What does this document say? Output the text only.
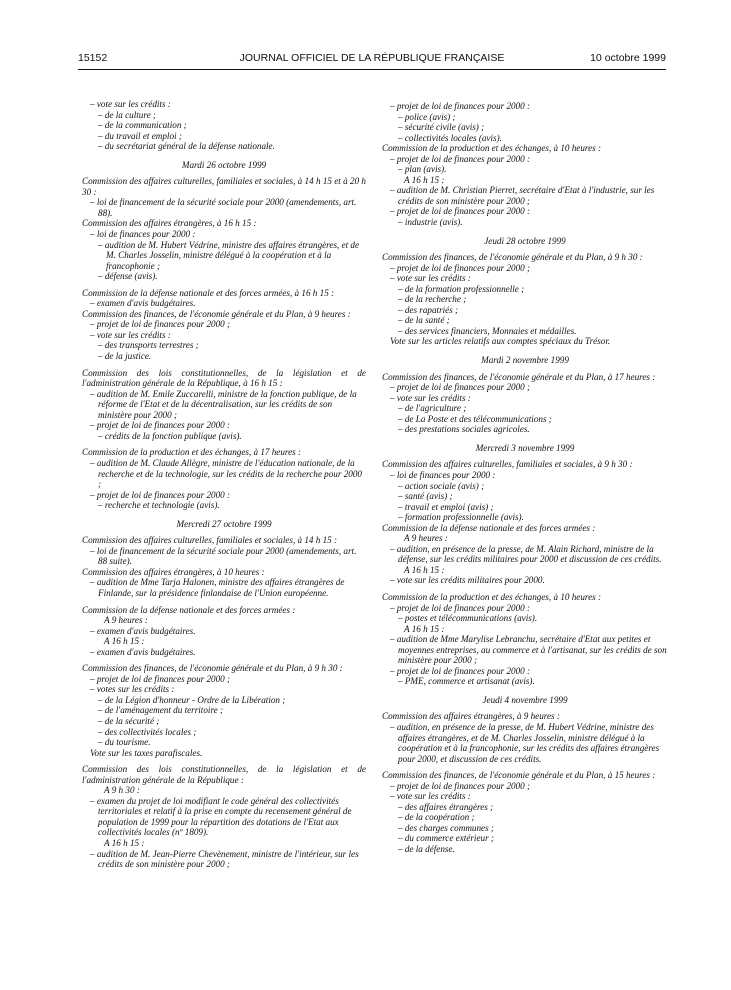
15152	JOURNAL OFFICIEL DE LA RÉPUBLIQUE FRANÇAISE	10 octobre 1999
– vote sur les crédits :
– de la culture ;
– de la communication ;
– du travail et emploi ;
– du secrétariat général de la défense nationale.
Mardi 26 octobre 1999
Commission des affaires culturelles, familiales et sociales, à 14 h 15 et à 20 h 30 :
– loi de financement de la sécurité sociale pour 2000 (amendements, art. 88).
Commission des affaires étrangères, à 16 h 15 :
– loi de finances pour 2000 :
– audition de M. Hubert Védrine, ministre des affaires étrangères, et de M. Charles Josselin, ministre délégué à la coopération et à la francophonie ;
– défense (avis).
Commission de la défense nationale et des forces armées, à 16 h 15 :
– examen d'avis budgétaires.
Commission des finances, de l'économie générale et du Plan, à 9 heures :
– projet de loi de finances pour 2000 ;
– vote sur les crédits :
– des transports terrestres ;
– de la justice.
Commission des lois constitutionnelles, de la législation et de l'administration générale de la République, à 16 h 15 :
– audition de M. Emile Zuccarelli, ministre de la fonction publique, de la réforme de l'Etat et de la décentralisation, sur les crédits de son ministère pour 2000 ;
– projet de loi de finances pour 2000 :
– crédits de la fonction publique (avis).
Commission de la production et des échanges, à 17 heures :
– audition de M. Claude Allègre, ministre de l'éducation nationale, de la recherche et de la technologie, sur les crédits de la recherche pour 2000 ;
– projet de loi de finances pour 2000 :
– recherche et technologie (avis).
Mercredi 27 octobre 1999
Commission des affaires culturelles, familiales et sociales, à 14 h 15 :
– loi de financement de la sécurité sociale pour 2000 (amendements, art. 88 suite).
Commission des affaires étrangères, à 10 heures :
– audition de Mme Tarja Halonen, ministre des affaires étrangères de Finlande, sur la présidence finlandaise de l'Union européenne.
Commission de la défense nationale et des forces armées :
A 9 heures :
– examen d'avis budgétaires.
A 16 h 15 :
– examen d'avis budgétaires.
Commission des finances, de l'économie générale et du Plan, à 9 h 30 :
– projet de loi de finances pour 2000 ;
– votes sur les crédits :
– de la Légion d'honneur - Ordre de la Libération ;
– de l'aménagement du territoire ;
– de la sécurité ;
– des collectivités locales ;
– du tourisme.
Vote sur les taxes parafiscales.
Commission des lois constitutionnelles, de la législation et de l'administration générale de la République :
A 9 h 30 :
– examen du projet de loi modifiant le code général des collectivités territoriales et relatif à la prise en compte du recensement général de population de 1999 pour la répartition des dotations de l'Etat aux collectivités locales (nº 1809).
A 16 h 15 :
– audition de M. Jean-Pierre Chevènement, ministre de l'intérieur, sur les crédits de son ministère pour 2000 ;
– projet de loi de finances pour 2000 :
– police (avis) ;
– sécurité civile (avis) ;
– collectivités locales (avis).
Commission de la production et des échanges, à 10 heures :
– projet de loi de finances pour 2000 :
– plan (avis).
A 16 h 15 :
– audition de M. Christian Pierret, secrétaire d'Etat à l'industrie, sur les crédits de son ministère pour 2000 ;
– projet de loi de finances pour 2000 :
– industrie (avis).
Jeudi 28 octobre 1999
Commission des finances, de l'économie générale et du Plan, à 9 h 30 :
– projet de loi de finances pour 2000 ;
– vote sur les crédits :
– de la formation professionnelle ;
– de la recherche ;
– des rapatriés ;
– de la santé ;
– des services financiers, Monnaies et médailles.
Vote sur les articles relatifs aux comptes spéciaux du Trésor.
Mardi 2 novembre 1999
Commission des finances, de l'économie générale et du Plan, à 17 heures :
– projet de loi de finances pour 2000 ;
– vote sur les crédits :
– de l'agriculture ;
– de La Poste et des télécommunications ;
– des prestations sociales agricoles.
Mercredi 3 novembre 1999
Commission des affaires culturelles, familiales et sociales, à 9 h 30 :
– loi de finances pour 2000 :
– action sociale (avis) ;
– santé (avis) ;
– travail et emploi (avis) ;
– formation professionnelle (avis).
Commission de la défense nationale et des forces armées :
A 9 heures :
– audition, en présence de la presse, de M. Alain Richard, ministre de la défense, sur les crédits militaires pour 2000 et discussion de ces crédits.
A 16 h 15 :
– vote sur les crédits militaires pour 2000.
Commission de la production et des échanges, à 10 heures :
– projet de loi de finances pour 2000 :
– postes et télécommunications (avis).
A 16 h 15 :
– audition de Mme Marylise Lebranchu, secrétaire d'Etat aux petites et moyennes entreprises, au commerce et à l'artisanat, sur les crédits de son ministère pour 2000 ;
– projet de loi de finances pour 2000 :
– PME, commerce et artisanat (avis).
Jeudi 4 novembre 1999
Commission des affaires étrangères, à 9 heures :
– audition, en présence de la presse, de M. Hubert Védrine, ministre des affaires étrangères, et de M. Charles Josselin, ministre délégué à la coopération et à la francophonie, sur les crédits des affaires étrangères pour 2000, et discussion de ces crédits.
Commission des finances, de l'économie générale et du Plan, à 15 heures :
– projet de loi de finances pour 2000 ;
– vote sur les crédits :
– des affaires étrangères ;
– de la coopération ;
– des charges communes ;
– du commerce extérieur ;
– de la défense.
